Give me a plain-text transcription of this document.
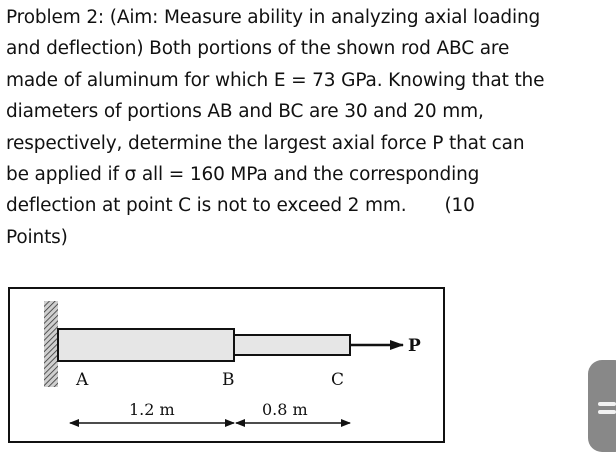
Problem 2: (Aim: Measure ability in analyzing axial loading
and deflection) Both portions of the shown rod ABC are
made of aluminum for which E = 73 GPa. Knowing that the
diameters of portions AB and BC are 30 and 20 mm,
respectively, determine the largest axial force P that can
be applied if σ all = 160 MPa and the corresponding
deflection at point C is not to exceed 2 mm. (10
Points)
P
A	B	C
1.2 m	0.8 m
